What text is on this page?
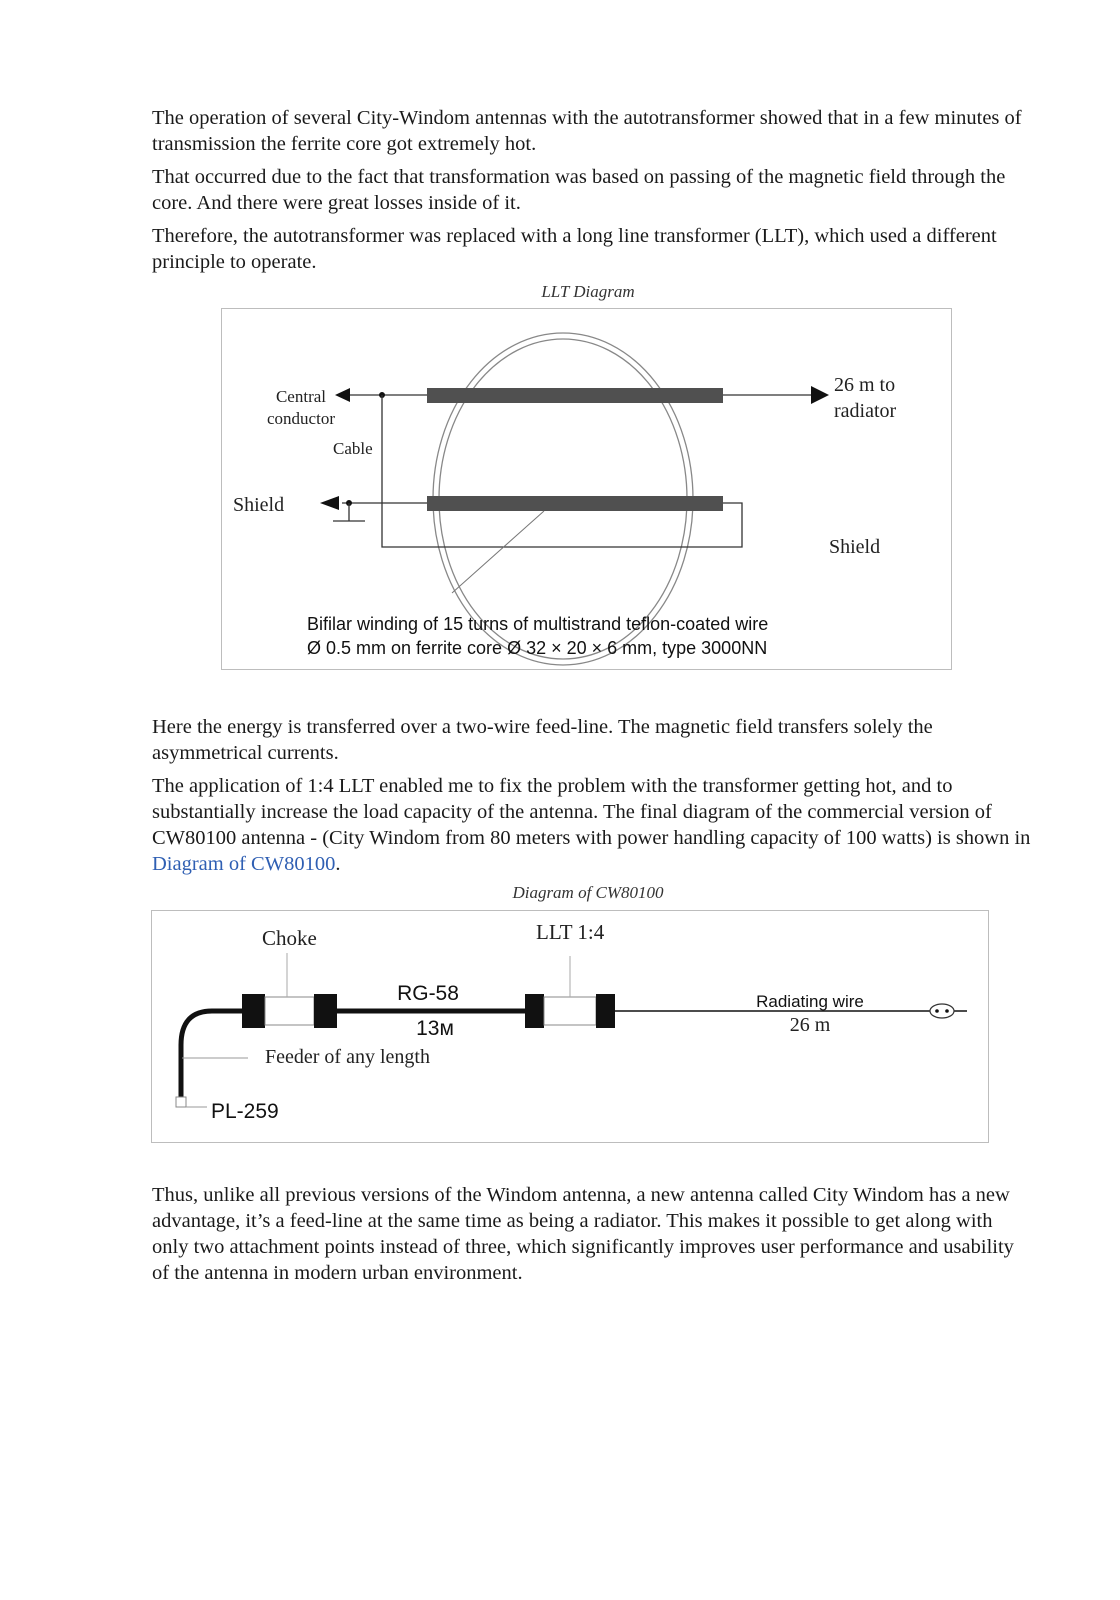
The operation of several City-Windom antennas with the autotransformer showed that in a few minutes of transmission the ferrite core got extremely hot.

That occurred due to the fact that transformation was based on passing of the magnetic field through the core. And there were great losses inside of it.

Therefore, the autotransformer was replaced with a long line transformer (LLT), which used a different principle to operate.

LLT Diagram

Central
conductor
Cable
Shield
26 m to
radiator
Shield
Bifilar winding of 15 turns of multistrand teflon-coated wire
Ø 0.5 mm on ferrite core Ø 32 × 20 × 6 mm, type 3000NN

Here the energy is transferred over a two-wire feed-line. The magnetic field transfers solely the asymmetrical currents.

The application of 1:4 LLT enabled me to fix the problem with the transformer getting hot, and to substantially increase the load capacity of the antenna. The final diagram of the commercial version of CW80100 antenna - (City Windom from 80 meters with power handling capacity of 100 watts) is shown in Diagram of CW80100.

Diagram of CW80100

Choke	LLT 1:4
RG-58
13м
Feeder of any length
PL-259
Radiating wire
26 m

Thus, unlike all previous versions of the Windom antenna, a new antenna called City Windom has a new advantage, it’s a feed-line at the same time as being a radiator. This makes it possible to get along with only two attachment points instead of three, which significantly improves user performance and usability of the antenna in modern urban environment.
